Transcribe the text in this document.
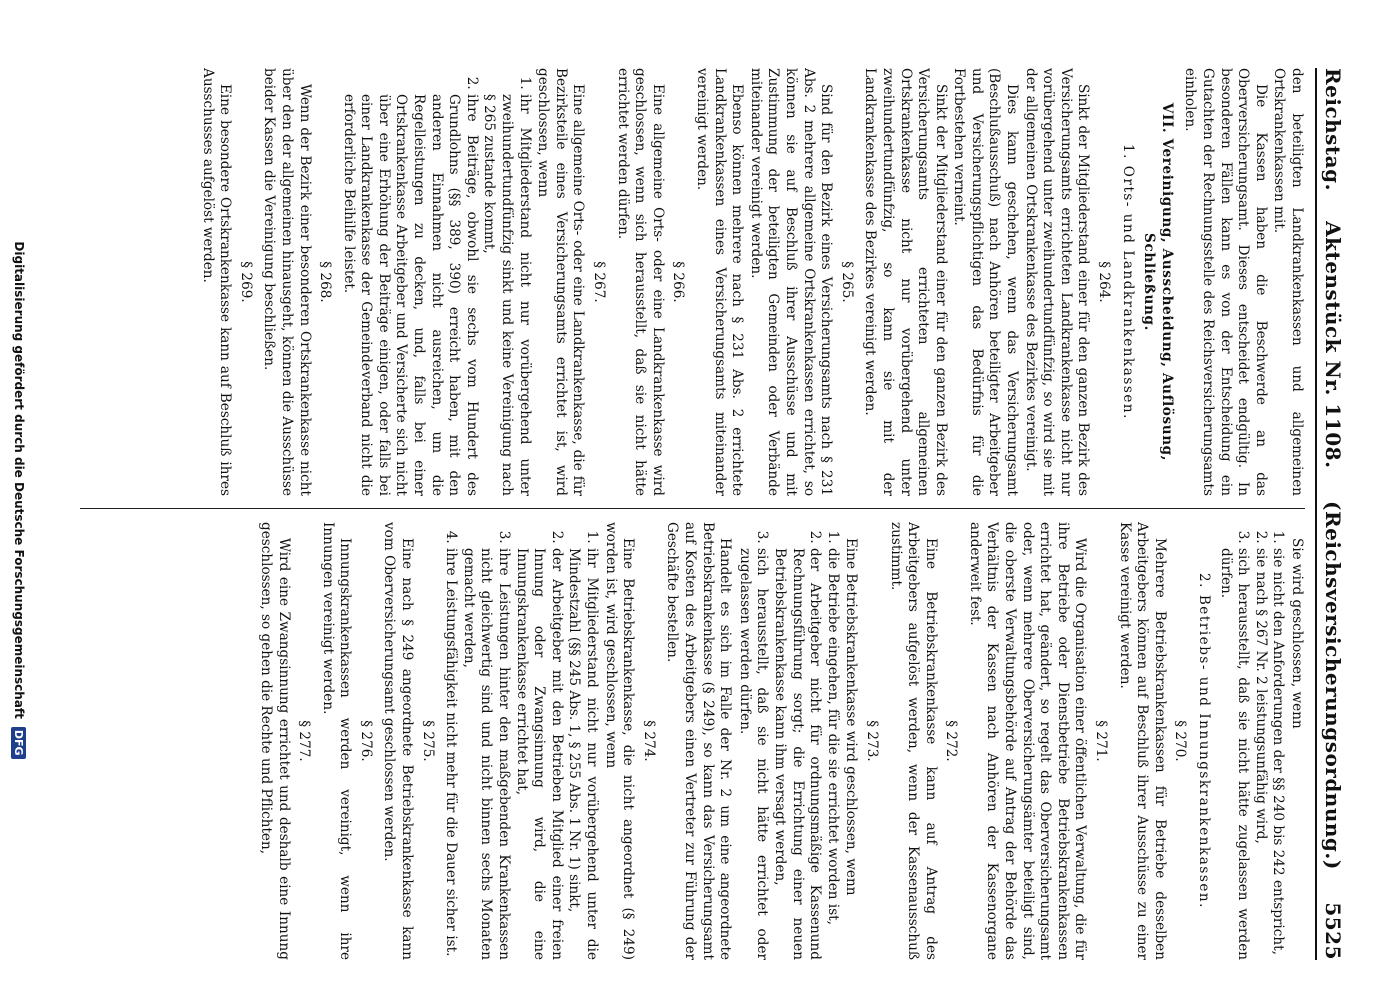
Reichstag.
Aktenstück Nr. 1108.
(Reichsversicherungsordnung.)
5525

den beteiligten Landkrankenkassen und allgemeinen Ortskrankenkassen mit.

Die Kassen haben die Beschwerde an das Oberversicherungsamt. Dieses entscheidet endgültig. In besonderen Fällen kann es von der Entscheidung ein Gutachten der Rechnungsstelle des Reichsversicherungsamts einholen.

VII. Vereinigung, Ausscheidung, Auflösung, Schließung.
1. Orts- und Landkrankenkassen.
§ 264.

Sinkt der Mitgliederstand einer für den ganzen Bezirk des Versicherungsamts errichteten Landkrankenkasse nicht nur vorübergehend unter zweihundertundfünfzig, so wird sie mit der allgemeinen Ortskrankenkasse des Bezirkes vereinigt.

Dies kann geschehen, wenn das Versicherungsamt (Beschlußausschuß) nach Anhören beteiligter Arbeitgeber und Versicherungspflichtigen das Bedürfnis für die Fortbestehen verneint.

Sinkt der Mitgliederstand einer für den ganzen Bezirk des Versicherungsamts errichteten allgemeinen Ortskrankenkasse nicht nur vorübergehend unter zweihundertundfünfzig, so kann sie mit der Landkrankenkasse des Bezirkes vereinigt werden.

§ 265.

Sind für den Bezirk eines Versicherungsamts nach § 231 Abs. 2 mehrere allgemeine Ortskrankenkassen errichtet, so können sie auf Beschluß ihrer Ausschüsse und mit Zustimmung der beteiligten Gemeinden oder Verbände miteinander vereinigt werden.

Ebenso können mehrere nach § 231 Abs. 2 errichtete Landkrankenkassen eines Versicherungsamts miteinander vereinigt werden.

§ 266.

Eine allgemeine Orts- oder eine Landkrankenkasse wird geschlossen, wenn sich herausstellt, daß sie nicht hätte errichtet werden dürfen.

§ 267.

Eine allgemeine Orts- oder eine Landkrankenkasse, die für Bezirksteile eines Versicherungsamts errichtet ist, wird geschlossen, wenn

1. ihr Mitgliederstand nicht nur vorübergehend unter zweihundertundfünfzig sinkt und keine Vereinigung nach § 265 zustande kommt,
2. ihre Beiträge, obwohl sie sechs vom Hundert des Grundlohns (§§ 389, 390) erreicht haben, mit den anderen Einnahmen nicht ausreichen, um die Regelleistungen zu decken, und, falls bei einer Ortskrankenkasse Arbeitgeber und Versicherte sich nicht über eine Erhöhung der Beiträge einigen, oder falls bei einer Landkrankenkasse der Gemeindeverband nicht die erforderliche Beihilfe leistet.
§ 268.

Wenn der Bezirk einer besonderen Ortskrankenkasse nicht über den der allgemeinen hinausgeht, können die Ausschüsse beider Kassen die Vereinigung beschließen.

§ 269.

Eine besondere Ortskrankenkasse kann auf Beschluß ihres Ausschusses aufgelöst werden.

Sie wird geschlossen, wenn

1. sie nicht den Anforderungen der §§ 240 bis 242 entspricht,
2. sie nach § 267 Nr. 2 leistungsunfähig wird,
3. sich herausstellt, daß sie nicht hätte zugelassen werden dürfen.
2. Betriebs- und Innungskrankenkassen.
§ 270.

Mehrere Betriebskrankenkassen für Betriebe desselben Arbeitgebers können auf Beschluß ihrer Ausschüsse zu einer Kasse vereinigt werden.

§ 271.

Wird die Organisation einer öffentlichen Verwaltung, die für ihre Betriebe oder Dienstbetriebe Betriebskrankenkassen errichtet hat, geändert, so regelt das Oberversicherungsamt oder, wenn mehrere Oberversicherungsämter beteiligt sind, die oberste Verwaltungsbehörde auf Antrag der Behörde das Verhältnis der Kassen nach Anhören der Kassenorgane anderweit fest.

§ 272.

Eine Betriebskrankenkasse kann auf Antrag des Arbeitgebers aufgelöst werden, wenn der Kassenausschuß zustimmt.

§ 273.

Eine Betriebskrankenkasse wird geschlossen, wenn

1. die Betriebe eingehen, für die sie errichtet worden ist,
2. der Arbeitgeber nicht für ordnungsmäßige Kassenund Rechnungsführung sorgt; die Errichtung einer neuen Betriebskrankenkasse kann ihm versagt werden,
3. sich herausstellt, daß sie nicht hätte errichtet oder zugelassen werden dürfen.

Handelt es sich im Falle der Nr. 2 um eine angeordnete Betriebskrankenkasse (§ 249), so kann das Versicherungsamt auf Kosten des Arbeitgebers einen Vertreter zur Führung der Geschäfte bestellen.

§ 274.

Eine Betriebskrankenkasse, die nicht angeordnet (§ 249) worden ist, wird geschlossen, wenn

1. ihr Mitgliederstand nicht nur vorübergehend unter die Mindestzahl (§§ 245 Abs. 1, § 255 Abs. 1 Nr. 1) sinkt,
2. der Arbeitgeber mit den Betrieben Mitglied einer freien Innung oder Zwangsinnung wird, die eine Innungskrankenkasse errichtet hat,
3. ihre Leistungen hinter den maßgebenden Krankenkassen nicht gleichwertig sind und nicht binnen sechs Monaten gemacht werden,
4. ihre Leistungsfähigkeit nicht mehr für die Dauer sicher ist.
§ 275.

Eine nach § 249 angeordnete Betriebskrankenkasse kann vom Oberversicherungsamt geschlossen werden.

§ 276.

Innungskrankenkassen werden vereinigt, wenn ihre Innungen vereinigt werden.

§ 277.

Wird eine Zwangsinnung errichtet und deshalb eine Innung geschlossen, so gehen die Rechte und Pflichten,

Digitalisierung gefördert durch die Deutsche Forschungsgemeinschaft
DFG
